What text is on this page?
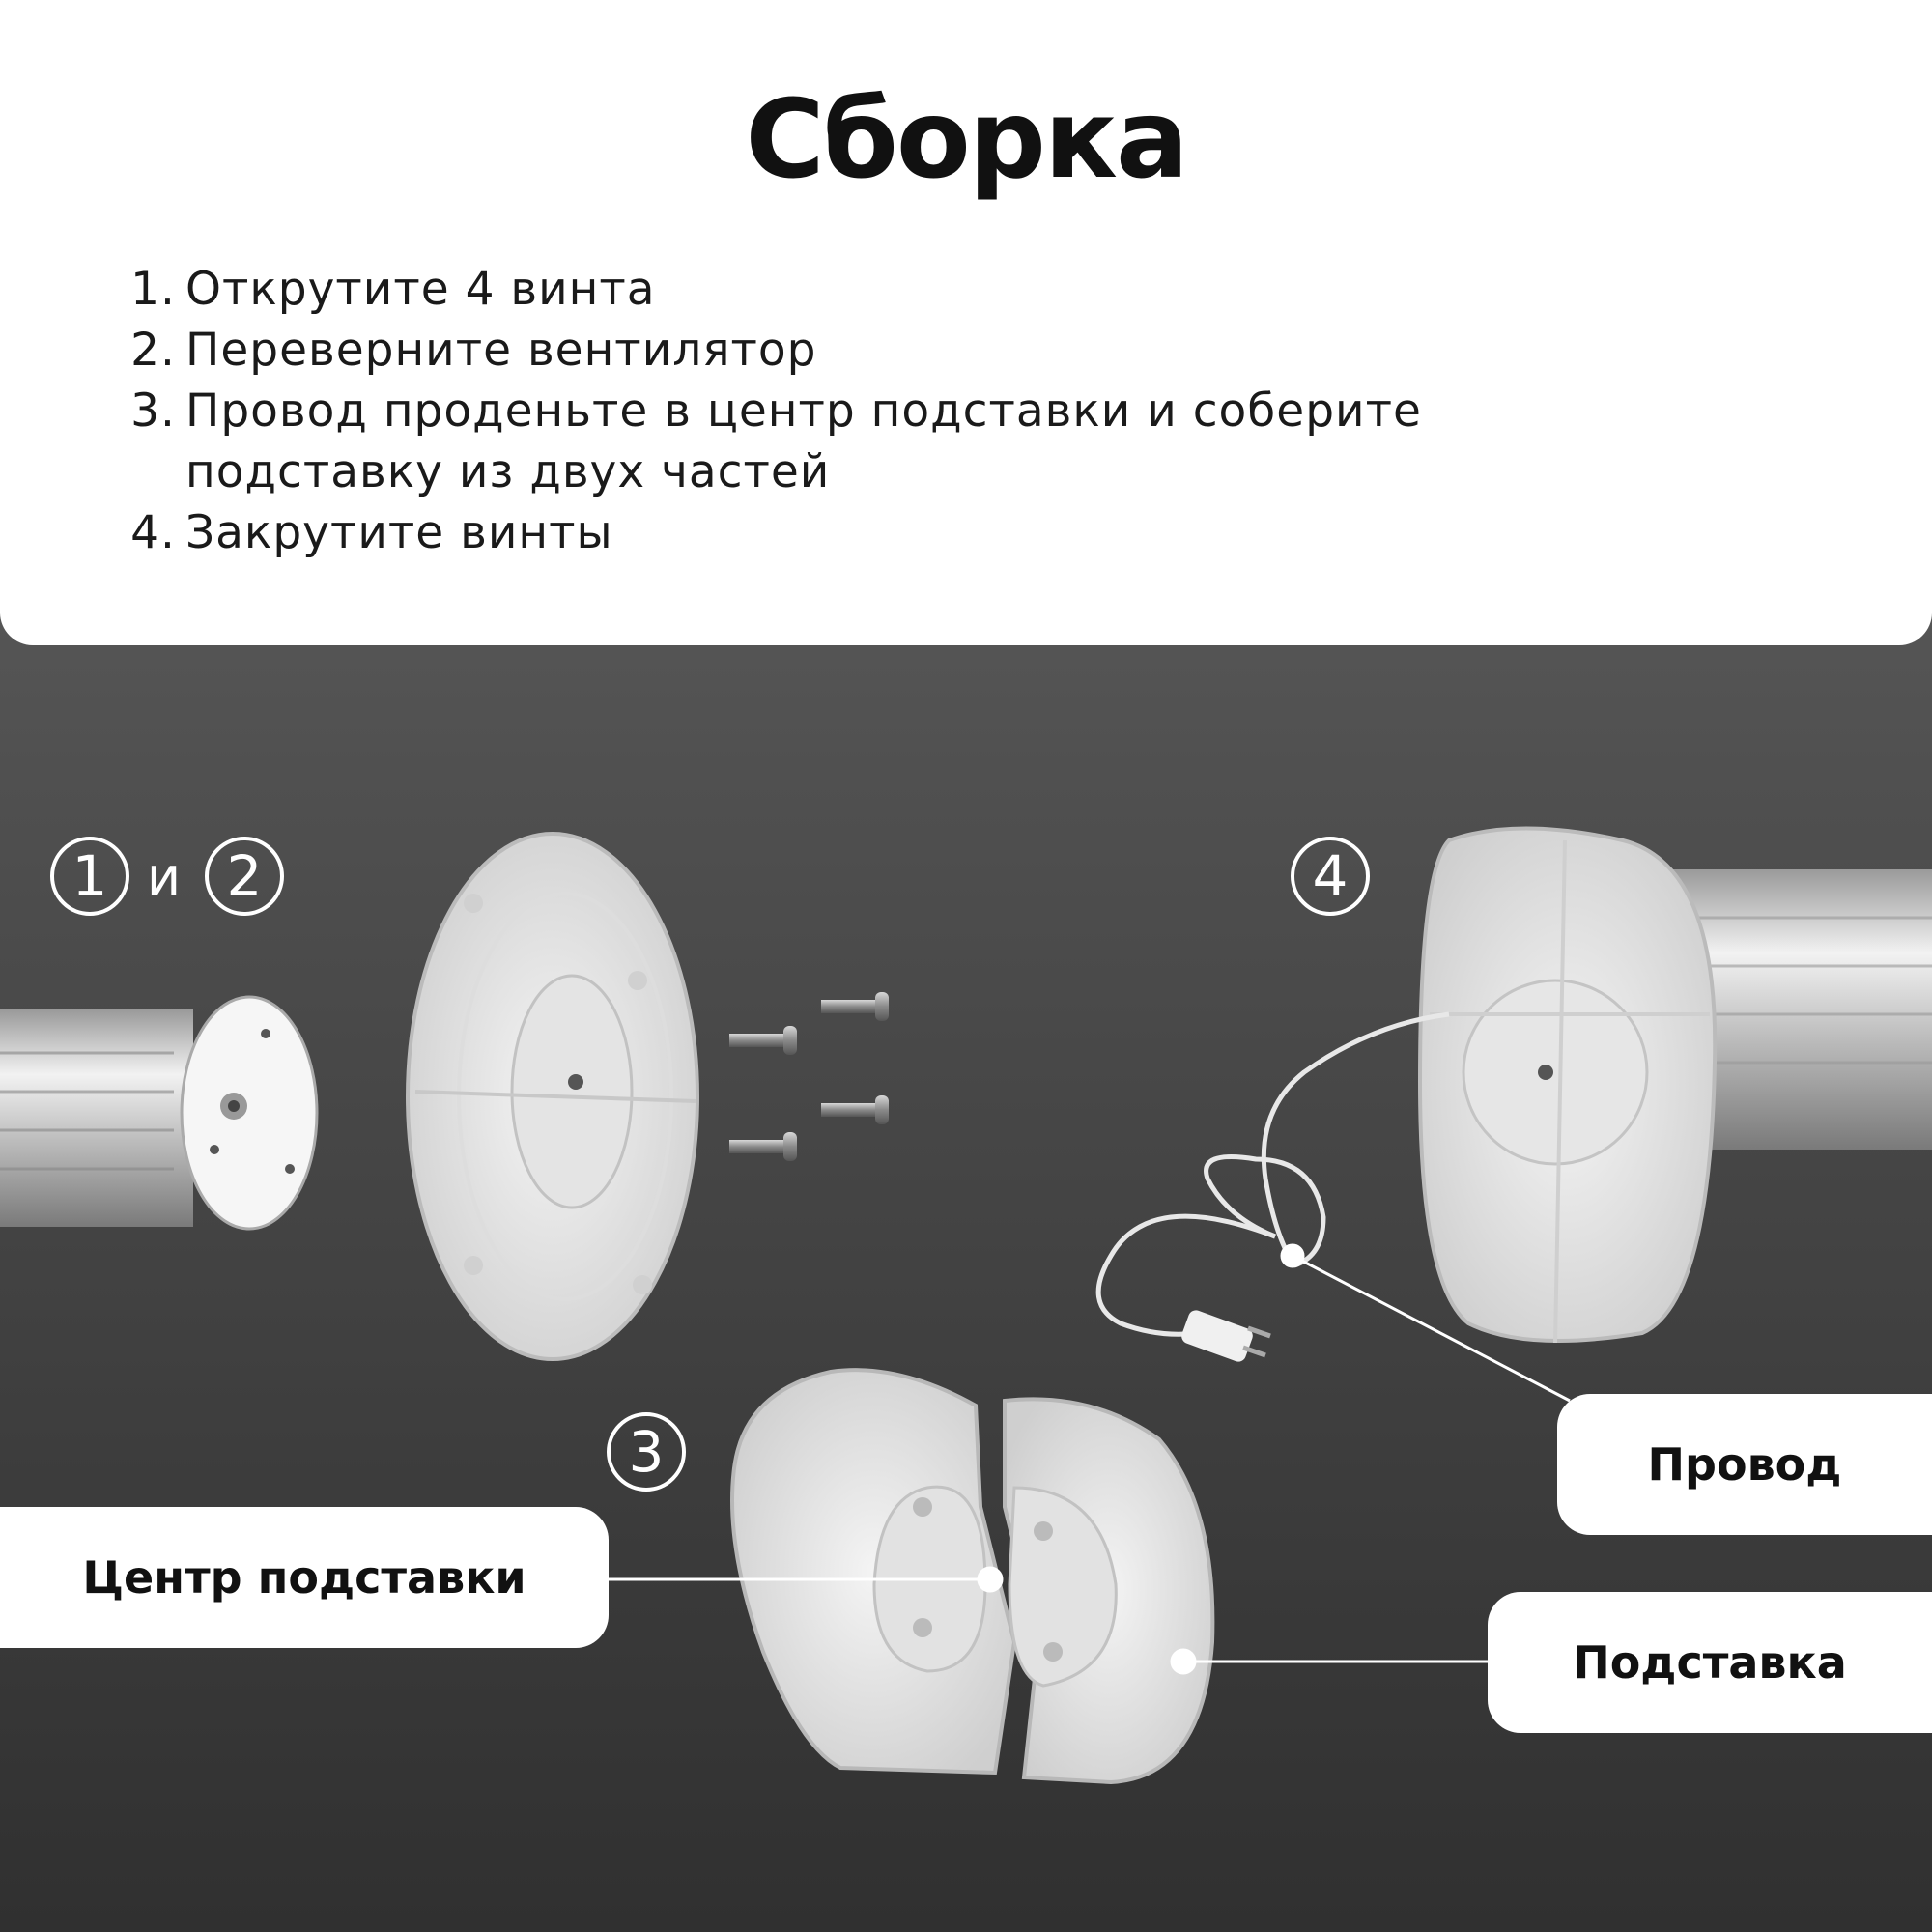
Сборка
1. Открутите 4 винта
2. Переверните вентилятор
3. Провод проденьте в центр подставки и соберите подставку из двух частей
4. Закрутите винты
1 и 2
3
4
Провод
Центр подставки
Подставка
